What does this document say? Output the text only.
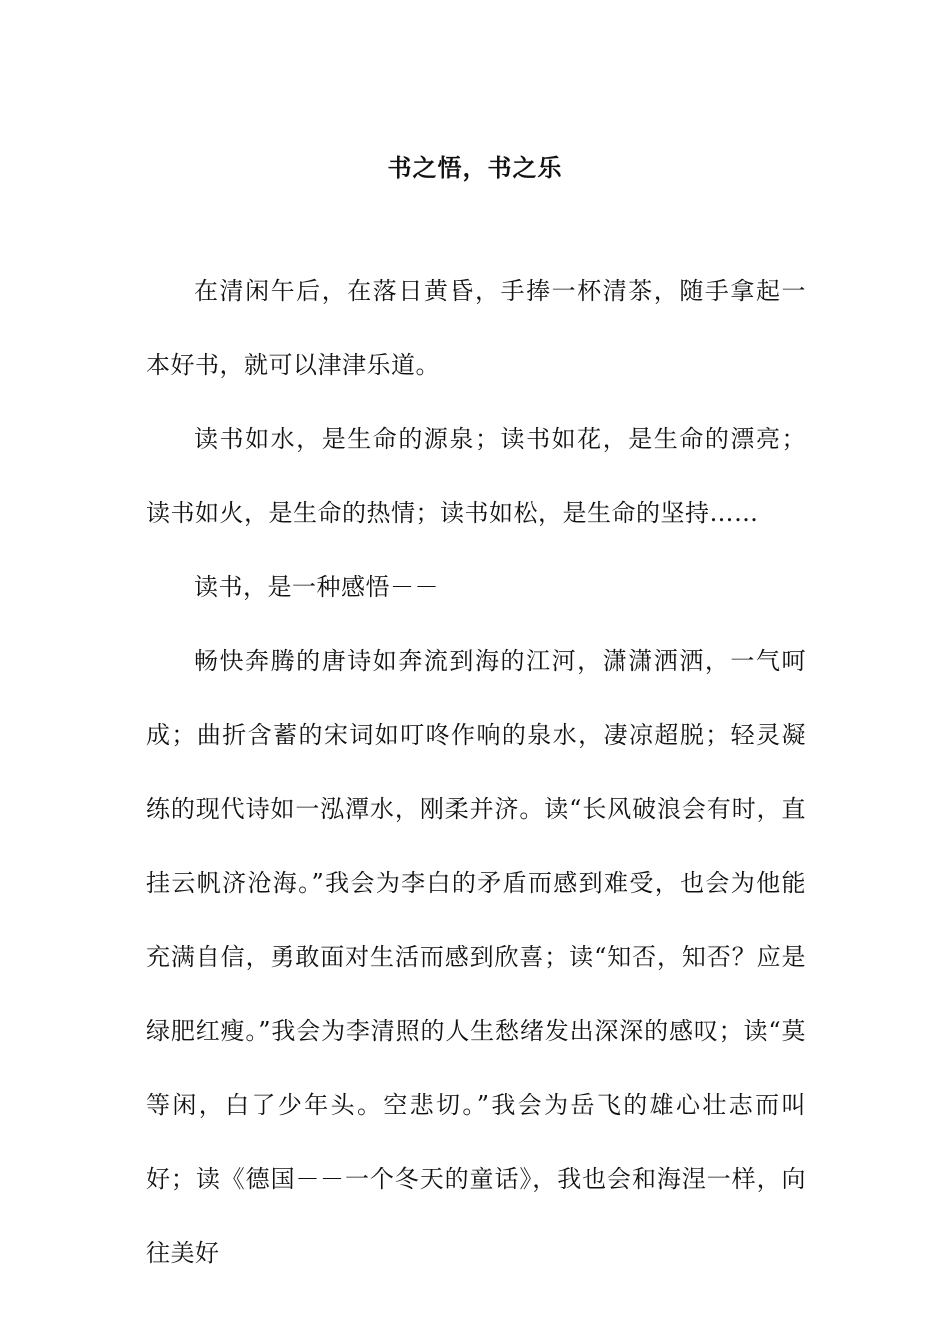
书之悟，书之乐

在清闲午后，在落日黄昏，手捧一杯清茶，随手拿起一本好书，就可以津津乐道。

读书如水，是生命的源泉；读书如花，是生命的漂亮；读书如火，是生命的热情；读书如松，是生命的坚持……

读书，是一种感悟－－

畅快奔腾的唐诗如奔流到海的江河，潇潇洒洒，一气呵成；曲折含蓄的宋词如叮咚作响的泉水，凄凉超脱；轻灵凝练的现代诗如一泓潭水，刚柔并济。读“长风破浪会有时，直挂云帆济沧海。”我会为李白的矛盾而感到难受，也会为他能充满自信，勇敢面对生活而感到欣喜；读“知否，知否？应是绿肥红瘦。”我会为李清照的人生愁绪发出深深的感叹；读“莫等闲，白了少年头。空悲切。”我会为岳飞的雄心壮志而叫好；读《德国－－一个冬天的童话》，我也会和海涅一样，向往美好
